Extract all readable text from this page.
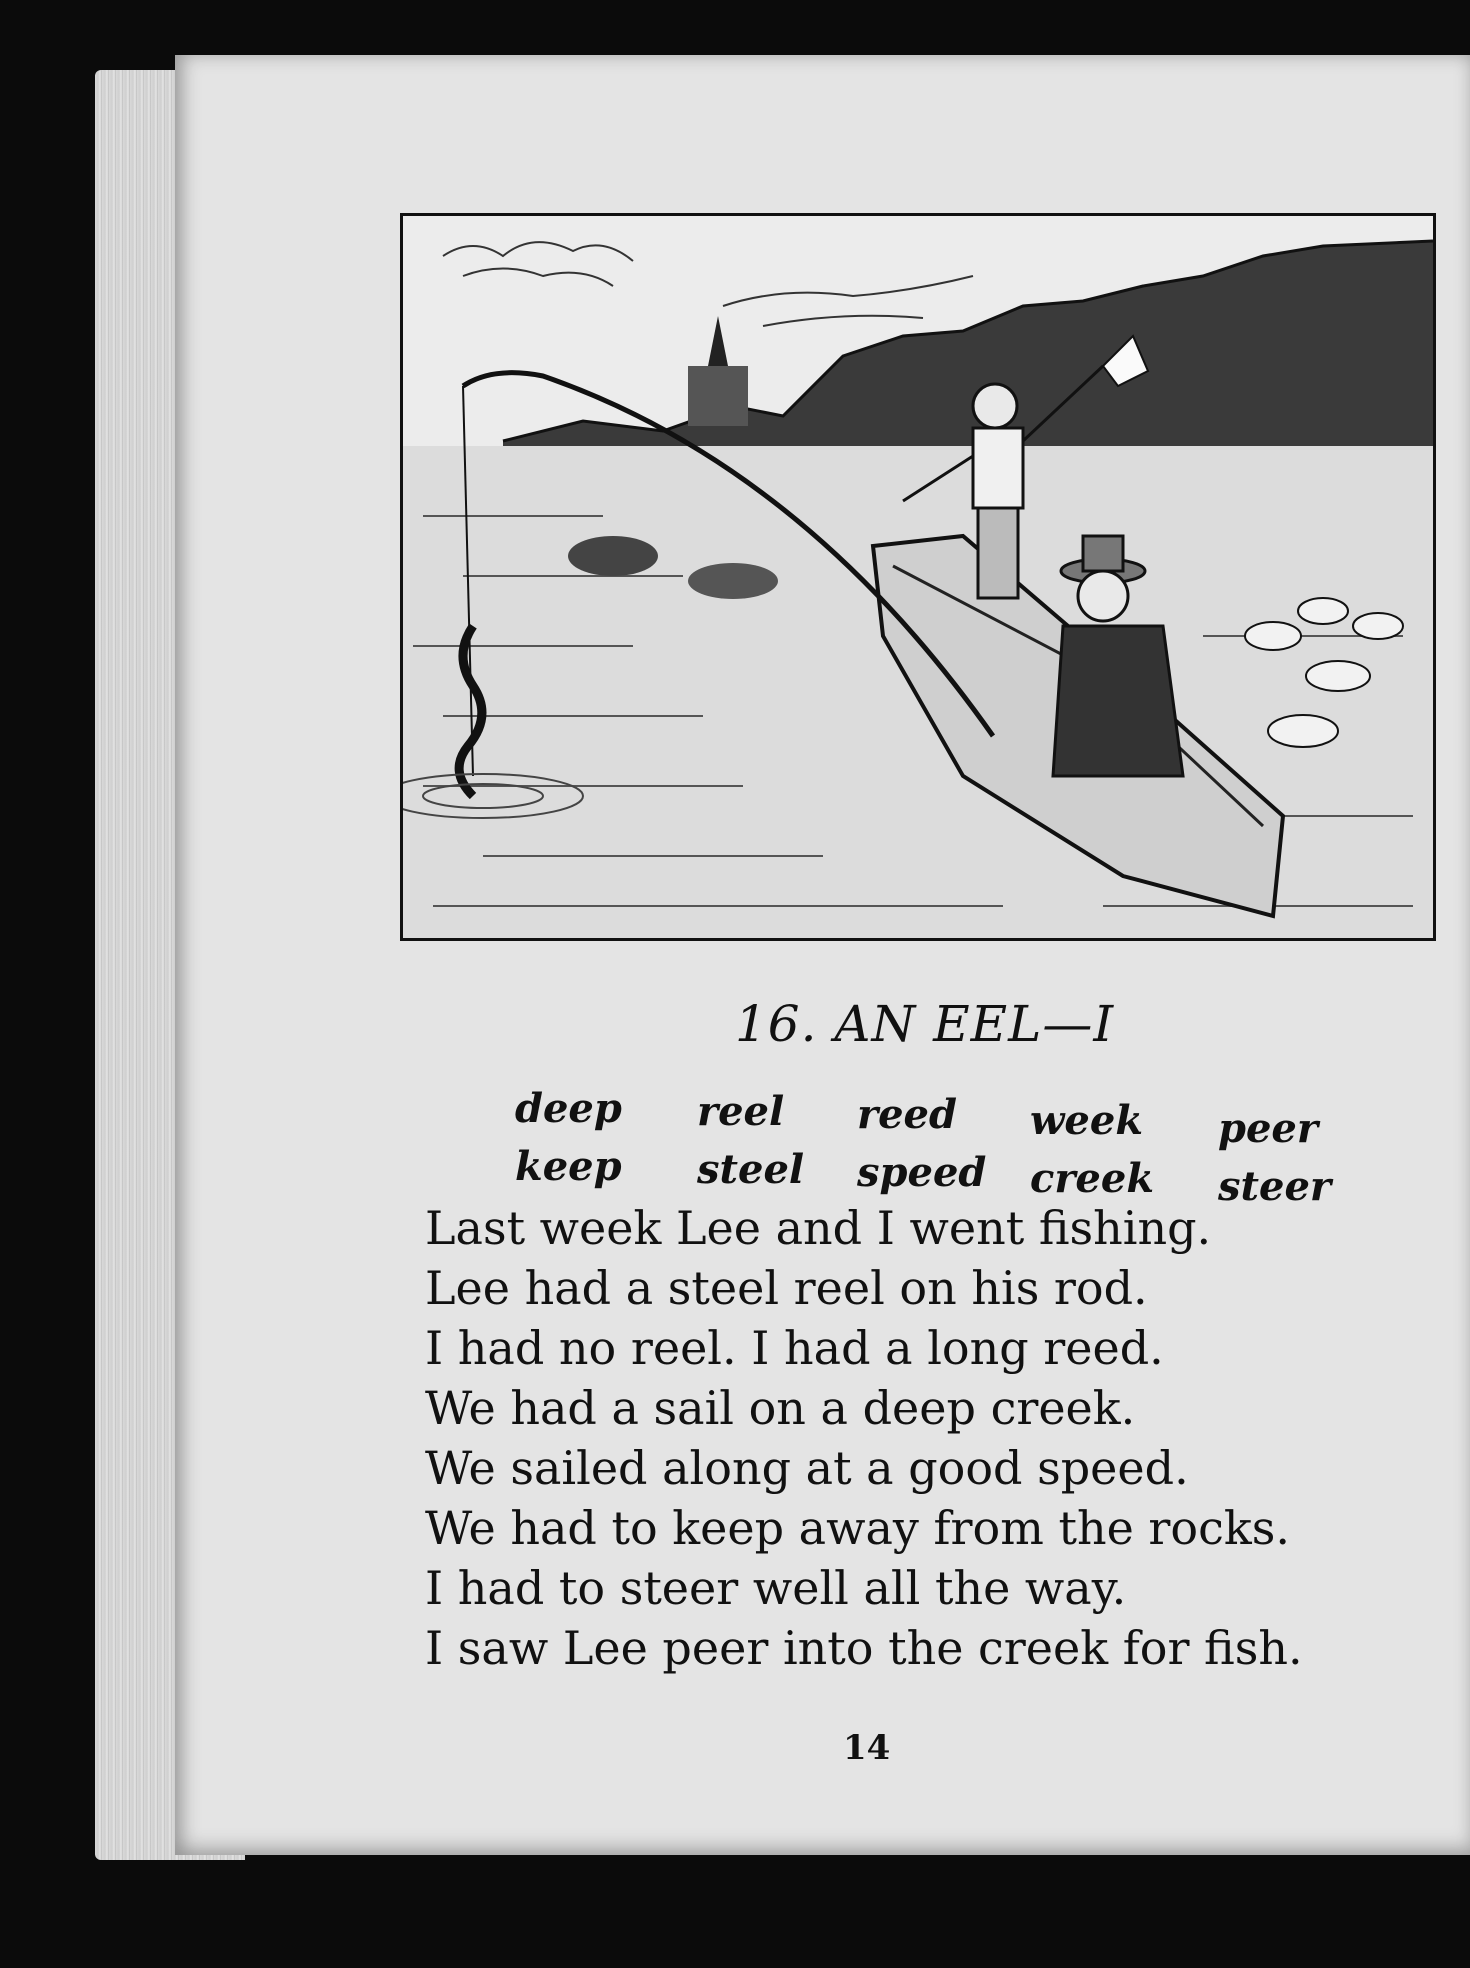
16. AN EEL—I
deep
keep
reel
steel
reed
speed
week
creek
peer
steer
Last week Lee and I went fishing.
Lee had a steel reel on his rod.
I had no reel. I had a long reed.
We had a sail on a deep creek.
We sailed along at a good speed.
We had to keep away from the rocks.
I had to steer well all the way.
I saw Lee peer into the creek for fish.
14
